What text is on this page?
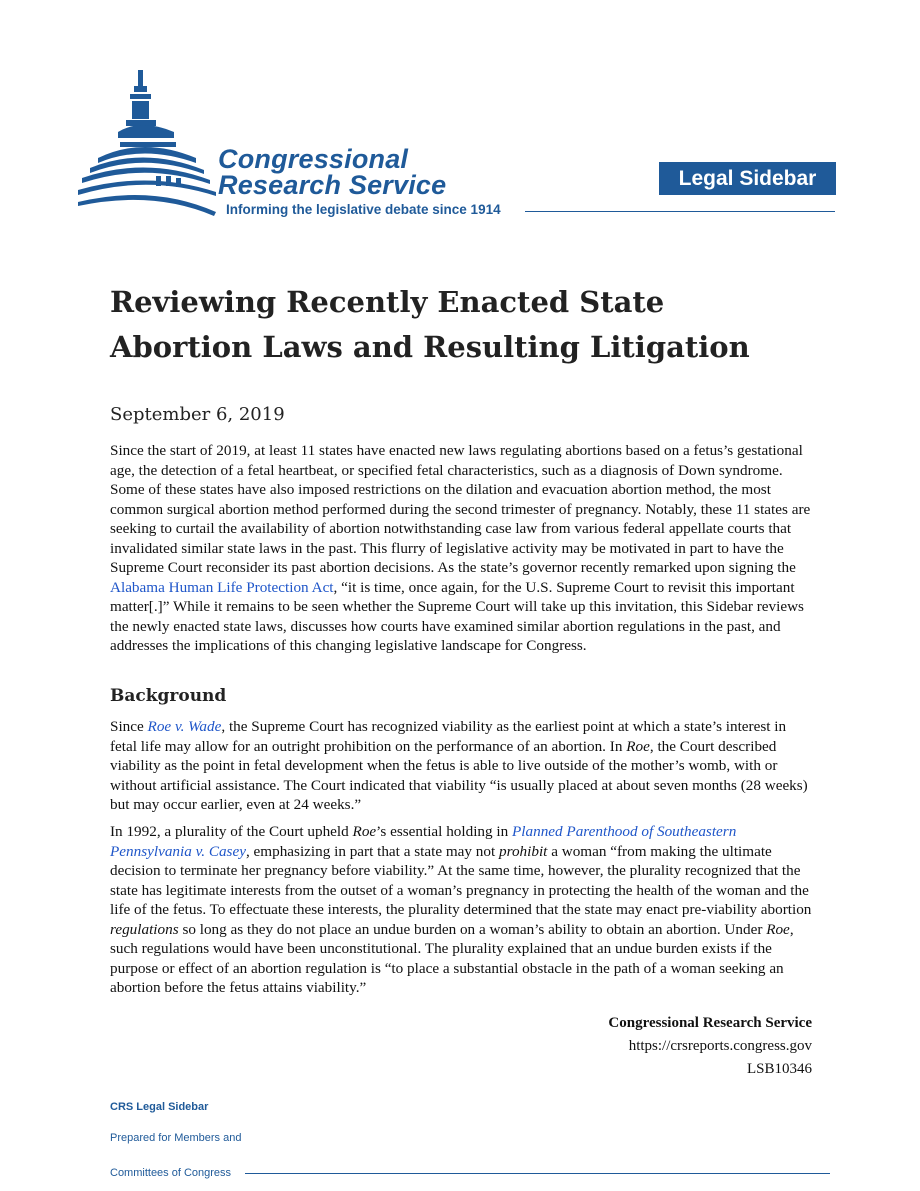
Congressional
Research Service
Informing the legislative debate since 1914
Legal Sidebar
Reviewing Recently Enacted State Abortion Laws and Resulting Litigation
September 6, 2019

Since the start of 2019, at least 11 states have enacted new laws regulating abortions based on a fetus’s gestational age, the detection of a fetal heartbeat, or specified fetal characteristics, such as a diagnosis of Down syndrome. Some of these states have also imposed restrictions on the dilation and evacuation abortion method, the most common surgical abortion method performed during the second trimester of pregnancy. Notably, these 11 states are seeking to curtail the availability of abortion notwithstanding case law from various federal appellate courts that invalidated similar state laws in the past. This flurry of legislative activity may be motivated in part to have the Supreme Court reconsider its past abortion decisions. As the state’s governor recently remarked upon signing the Alabama Human Life Protection Act, “it is time, once again, for the U.S. Supreme Court to revisit this important matter[.]” While it remains to be seen whether the Supreme Court will take up this invitation, this Sidebar reviews the newly enacted state laws, discusses how courts have examined similar abortion regulations in the past, and addresses the implications of this changing legislative landscape for Congress.

Background

Since Roe v. Wade, the Supreme Court has recognized viability as the earliest point at which a state’s interest in fetal life may allow for an outright prohibition on the performance of an abortion. In Roe, the Court described viability as the point in fetal development when the fetus is able to live outside of the mother’s womb, with or without artificial assistance. The Court indicated that viability “is usually placed at about seven months (28 weeks) but may occur earlier, even at 24 weeks.”

In 1992, a plurality of the Court upheld Roe’s essential holding in Planned Parenthood of Southeastern Pennsylvania v. Casey, emphasizing in part that a state may not prohibit a woman “from making the ultimate decision to terminate her pregnancy before viability.” At the same time, however, the plurality recognized that the state has legitimate interests from the outset of a woman’s pregnancy in protecting the health of the woman and the life of the fetus. To effectuate these interests, the plurality determined that the state may enact pre-viability abortion regulations so long as they do not place an undue burden on a woman’s ability to obtain an abortion. Under Roe, such regulations would have been unconstitutional. The plurality explained that an undue burden exists if the purpose or effect of an abortion regulation is “to place a substantial obstacle in the path of a woman seeking an abortion before the fetus attains viability.”

Congressional Research Service
https://crsreports.congress.gov
LSB10346
CRS Legal Sidebar
Prepared for Members and
Committees of Congress
